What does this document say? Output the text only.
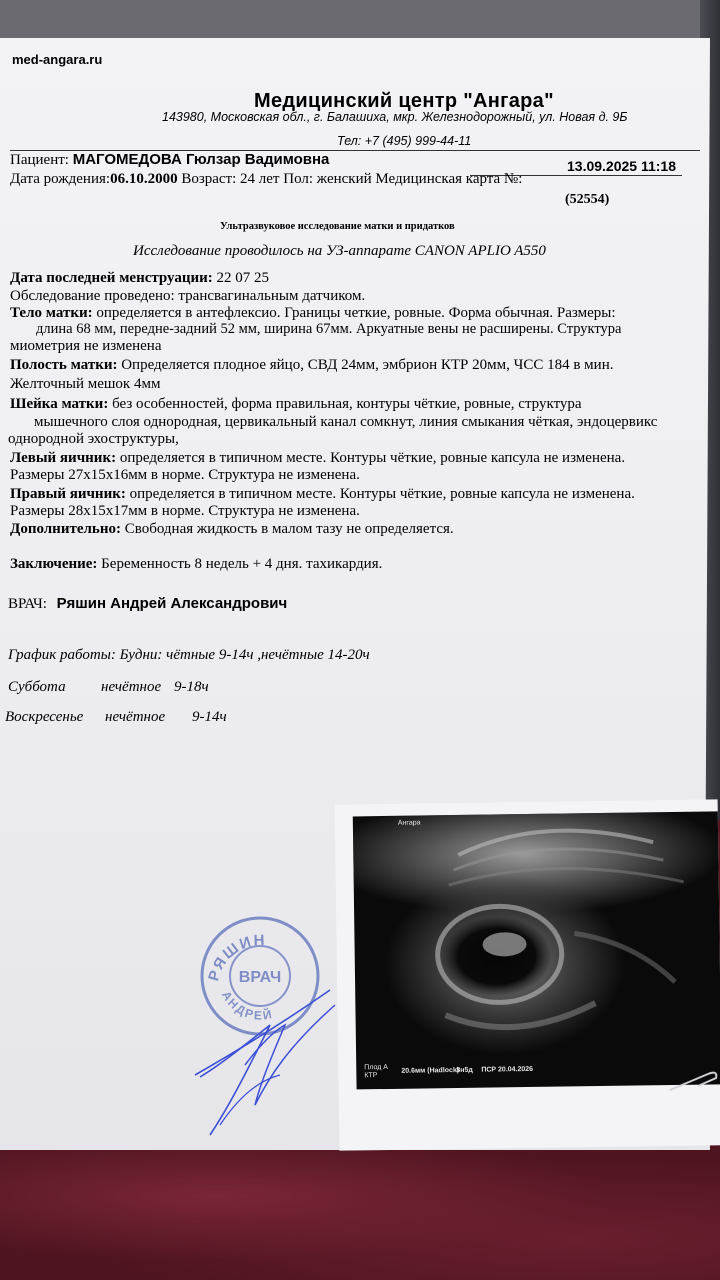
med-angara.ru
Медицинский центр "Ангара"
143980, Московская обл., г. Балашиха, мкр. Железнодорожный, ул. Новая д. 9Б
Тел: +7 (495) 999-44-11
Пациент: МАГОМЕДОВА Гюлзар Вадимовна	13.09.2025 11:18
Дата рождения:06.10.2000 Возраст: 24 лет Пол: женский Медицинская карта №:
(52554)
Ультразвуковое исследование матки и придатков
Исследование проводилось на УЗ-аппарате CANON APLIO A550
Дата последней менструации: 22 07 25
Обследование проведено: трансвагинальным датчиком.
Тело матки: определяется в антефлексио. Границы четкие, ровные. Форма обычная. Размеры:
длина 68 мм, передне-задний 52 мм, ширина 67мм. Аркуатные вены не расширены. Структура
миометрия не изменена
Полость матки: Определяется плодное яйцо, СВД 24мм, эмбрион КТР 20мм, ЧСС 184 в мин.
Желточный мешок 4мм
Шейка матки: без особенностей, форма правильная, контуры чёткие, ровные, структура
мышечного слоя однородная, цервикальный канал сомкнут, линия смыкания чёткая, эндоцервикс
однородной эхоструктуры,
Левый яичник: определяется в типичном месте. Контуры чёткие, ровные капсула не изменена.
Размеры 27x15x16мм в норме. Структура не изменена.
Правый яичник: определяется в типичном месте. Контуры чёткие, ровные капсула не изменена.
Размеры 28x15x17мм в норме. Структура не изменена.
Дополнительно: Свободная жидкость в малом тазу не определяется.
Заключение: Беременность 8 недель + 4 дня. тахикардия.
ВРАЧ: Ряшин Андрей Александрович
График работы: Будни: чётные 9-14ч ,нечётные 14-20ч
Суббота нечётное 9-18ч
Воскресенье нечётное 9-14ч
РЯШИН
ВРАЧ
АНДРЕЙ
Ангара
Плод А КТР
20.6мм (Hadlock)
8н5д ПСР 20.04.2026
